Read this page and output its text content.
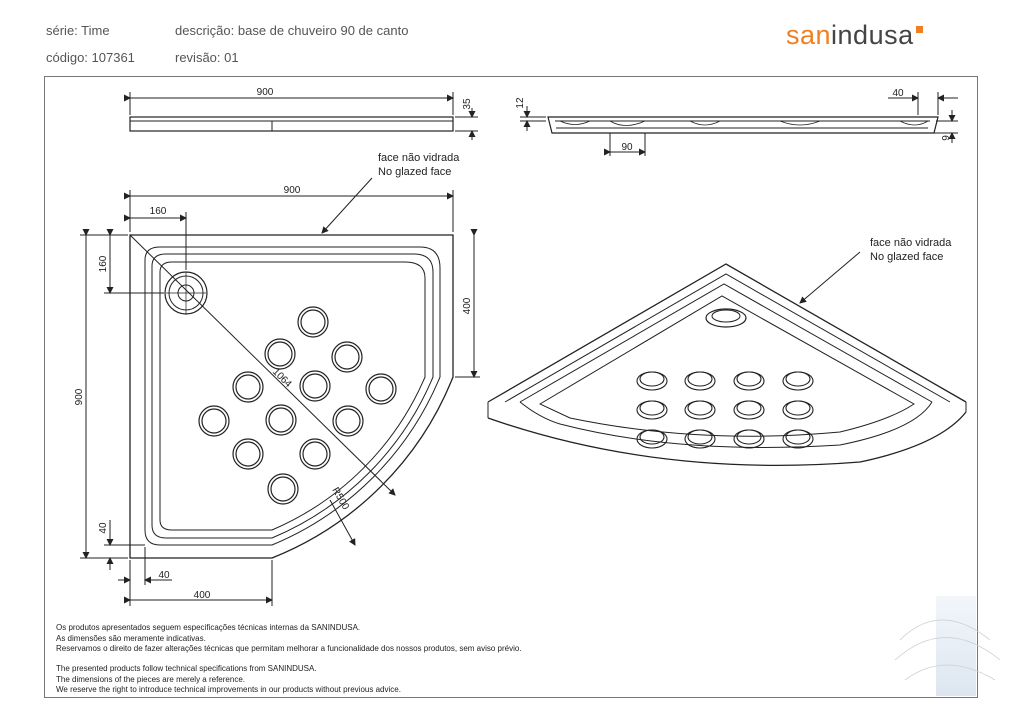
série: Time	descrição: base de chuveiro 90 de canto
código: 107361	revisão: 01
sanindusa
900
35	12
40
9
90
face não vidrada
No glazed face
900
160
160
400
900
1064
R500
40
40
400
face não vidrada
No glazed face
Os produtos apresentados seguem especificações técnicas internas da SANINDUSA.
As dimensões são meramente indicativas.
Reservamos o direito de fazer alterações técnicas que permitam melhorar a funcionalidade dos nossos produtos, sem aviso prévio.
The presented products follow technical specifications from SANINDUSA.
The dimensions of the pieces are merely a reference.
We reserve the right to introduce technical improvements in our products without previous advice.
